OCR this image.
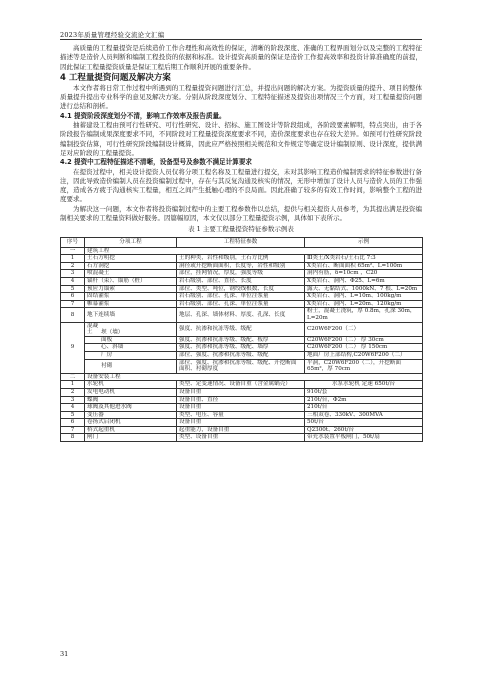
2023年质量管理经验交流论文汇编

高质量的工程量提资是后续造价工作合理性和高效性的保证，清晰的阶段深度、准确的工程界面划分以及完整的工程特征描述等是造价人员判断和编制工程投资的依据和标准。设计提资高质量的保证是造价工作提高效率和投资计算准确度的前提，因此保证工程量提资质量是保证工程后期工作顺利开展的重要条件。

4 工程量提资问题及解决方案

本文作者将日常工作过程中所遇到的工程量提资问题进行汇总，并提出问题的解决方案。为提资质量的提升、项目的整体质量提升提出专业科学的意见及解决方案。分别从阶段深度划分、工程特征描述及提资出项情况三个方面，对工程量提资问题进行总结和剖析。

4.1 提资阶段深度划分不清，影响工作效率及报告质量。

抽蓄建设工程由预可行性研究、可行性研究、设计、招标、施工图设计等阶段组成，各阶段要素解明，特点突出，由于各阶段报告编制成果深度要求不同，不同阶段对工程量提资深度要求不同，造价深度要求也存在较大差异。如预可行性研究阶段编制投资估算，可行性研究阶段编制设计概算，因此应严格按照相关规范和文件规定等确定设计编制原则、设计深度，提供满足对应阶段的工程量提资。

4.2 提资中工程特征描述不清晰，设备型号及参数不满足计算要求

在提资过程中，相关设计提资人员仅将分项工程名称及工程量进行提交，未对其影响工程造价编制需求的特征参数进行备注，因此导致造价编制人员在投资编制过程中，存在与其反复沟通及核实的情况，无形中增加了设计人员与造价人员的工作强度，造成各方疲于沟通核实工程量，相互之间产生抵触心理的不良局面。因此准确了较多的有效工作时间，影响整个工程的进度要求。

为解决这一问题，本文作者将投资编制过程中的主要工程参数作以总结，提供与相关提资人员参考，为其提出满足投资编制相关要求的工程量资料做好服务。因篇幅原因，本文仅以部分工程量提资示例，具体如下表所示。

表 1 主要工程量提资特征参数示例表
序号	分项工程	工程特征参数	示例
一	建筑工程		
1	土石方明挖	土的种类，岩性和级别，土石方比例	Ⅲ类土/Ⅹ类岩石/土石比 7:3
2	石方洞挖	洞径或开挖断面面积，长度等，岩性和级别	Ⅹ类岩石、断面面积 65m²、L=100m
3	喷混凝土	部位，挂网情况，厚度，强度等级	洞内有筋，δ=10cm ，C20
4	锚杆（束）、锚筋（桩）	岩石级别、部位、直径、长度	Ⅹ类岩石、洞内、Φ25、L=6m
5	预应力锚索	部位、类型、吨位，钢绞线根数、长度	露天、无黏结式、1000kN、7 根、L=20m
6	固结灌浆	岩石级别、部位、孔深、单位注浆量	Ⅹ类岩石、洞内、L=10m、100kg/m
7	帷幕灌浆	岩石级别、部位、孔深、单位注浆量	Ⅹ类岩石、洞内、L=20m、120kg/m
8	地下连续墙	地层、孔深、墙体材料、厚度、孔深、长度	粉土，混凝土浇筑，厚 0.8m，孔深 30m，L=20m
9	混凝土 坝（墙）	强度、抗渗和抗冻等级、级配	C20W6F200（二）
	面板	强度、抗渗和抗冻等级、级配、板厚	C20W6F200（二） 厚 30cm
	心、斜墙	强度、抗渗和抗冻等级、级配、墙厚	C20W6F200（二） 厚 150cm
	厂房	部位、强度、抗渗和抗冻等级、级配	地面厂房上部结构,C20W6F200（二）
	衬砌	部位、强度、抗渗和抗冻等级、级配、开挖断面面积、衬砌厚度	平洞，C20W6F200（二），开挖断面 65m²，厚 70cm
二	设备安装工程		
1	水轮机	类型、定变速情况、设备自重（含金属蜗壳）	水泵水轮机 定速 650t/台
2	发电电动机	设备自重	910t/套
3	蝶阀	设备自重、直径	210t/台，Φ2m
4	球阀及其他进水阀	设备自重	210t/台
5	变压器	类型、电压、容量	三相双卷、330kV、300MVA
6	卷扬式启闭机	设备自重	50t/台
7	桥式起重机	起重能力，设备自重	Q2300t、260t/台
8	闸门	类型、设备自重	带充水装置平板闸门，50t/扇
31
